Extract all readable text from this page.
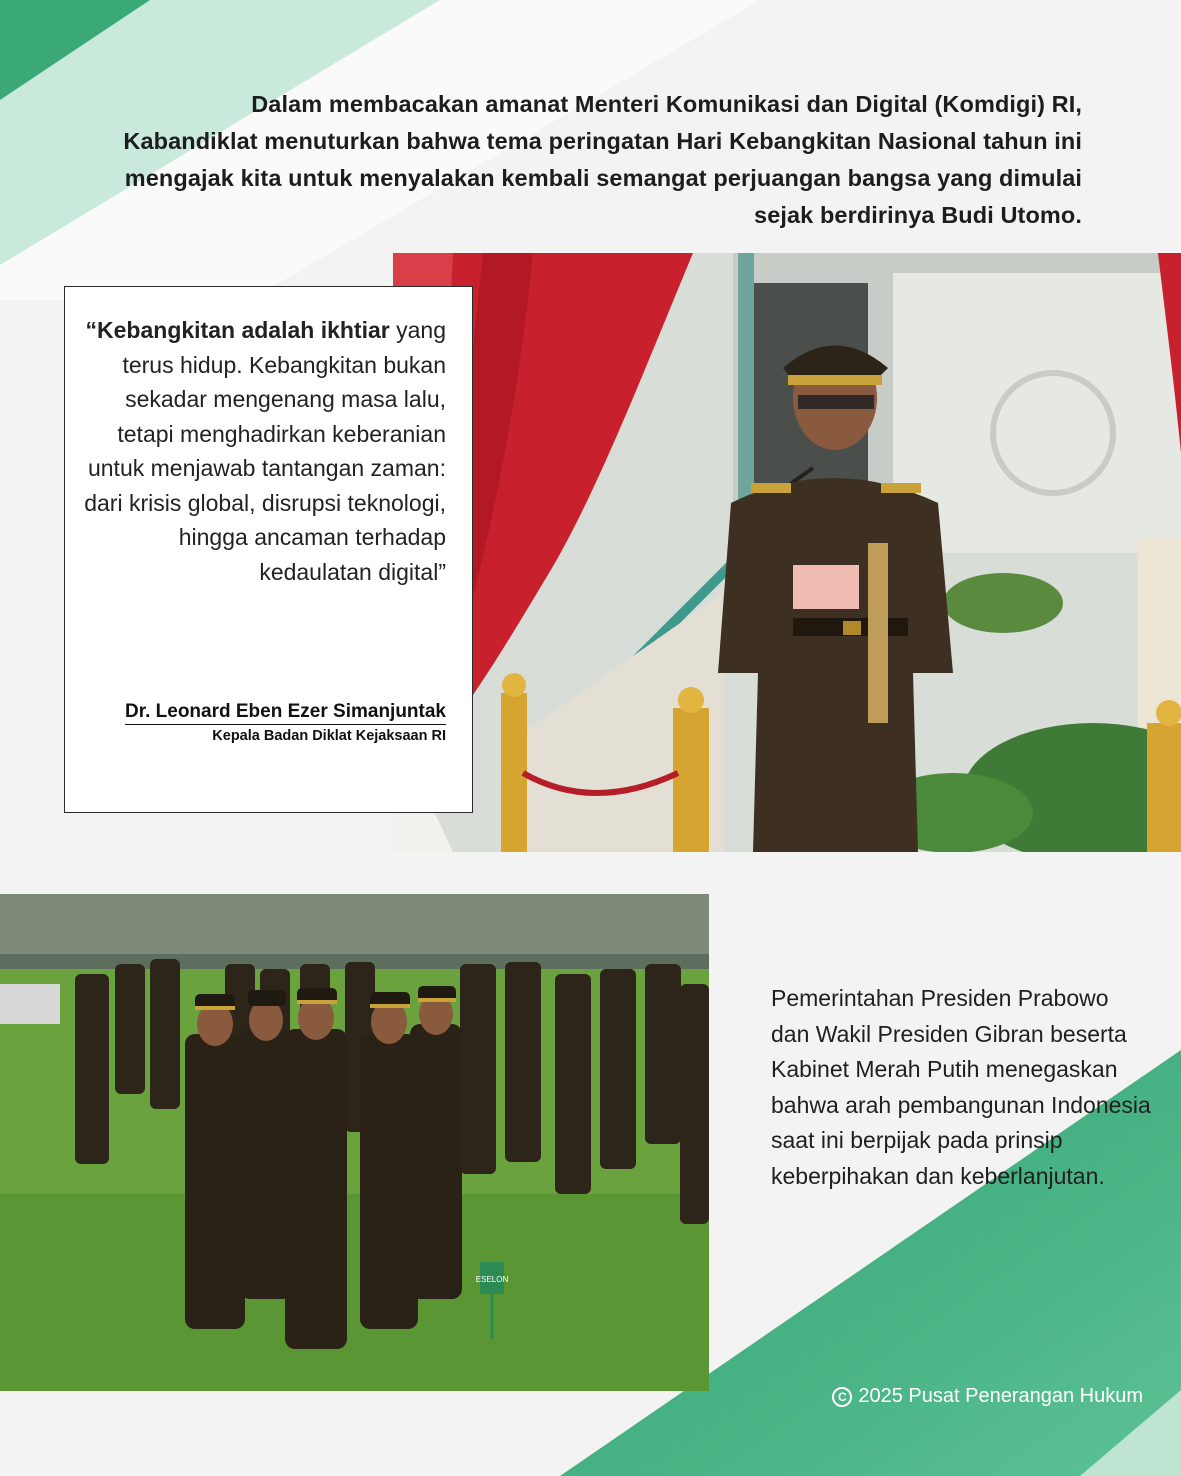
Dalam membacakan amanat Menteri Komunikasi dan Digital (Komdigi) RI, Kabandiklat menuturkan bahwa tema peringatan Hari Kebangkitan Nasional tahun ini mengajak kita untuk menyalakan kembali semangat perjuangan bangsa yang dimulai sejak berdirinya Budi Utomo.
“Kebangkitan adalah ikhtiar yang terus hidup. Kebangkitan bukan sekadar mengenang masa lalu, tetapi menghadirkan keberanian untuk menjawab tantangan zaman: dari krisis global, disrupsi teknologi, hingga ancaman terhadap kedaulatan digital”
Dr. Leonard Eben Ezer Simanjuntak
Kepala Badan Diklat Kejaksaan RI
ESELON
Pemerintahan Presiden Prabowo dan Wakil Presiden Gibran beserta Kabinet Merah Putih menegaskan bahwa arah pembangunan Indonesia saat ini berpijak pada prinsip keberpihakan dan keberlanjutan.
C 2025 Pusat Penerangan Hukum
